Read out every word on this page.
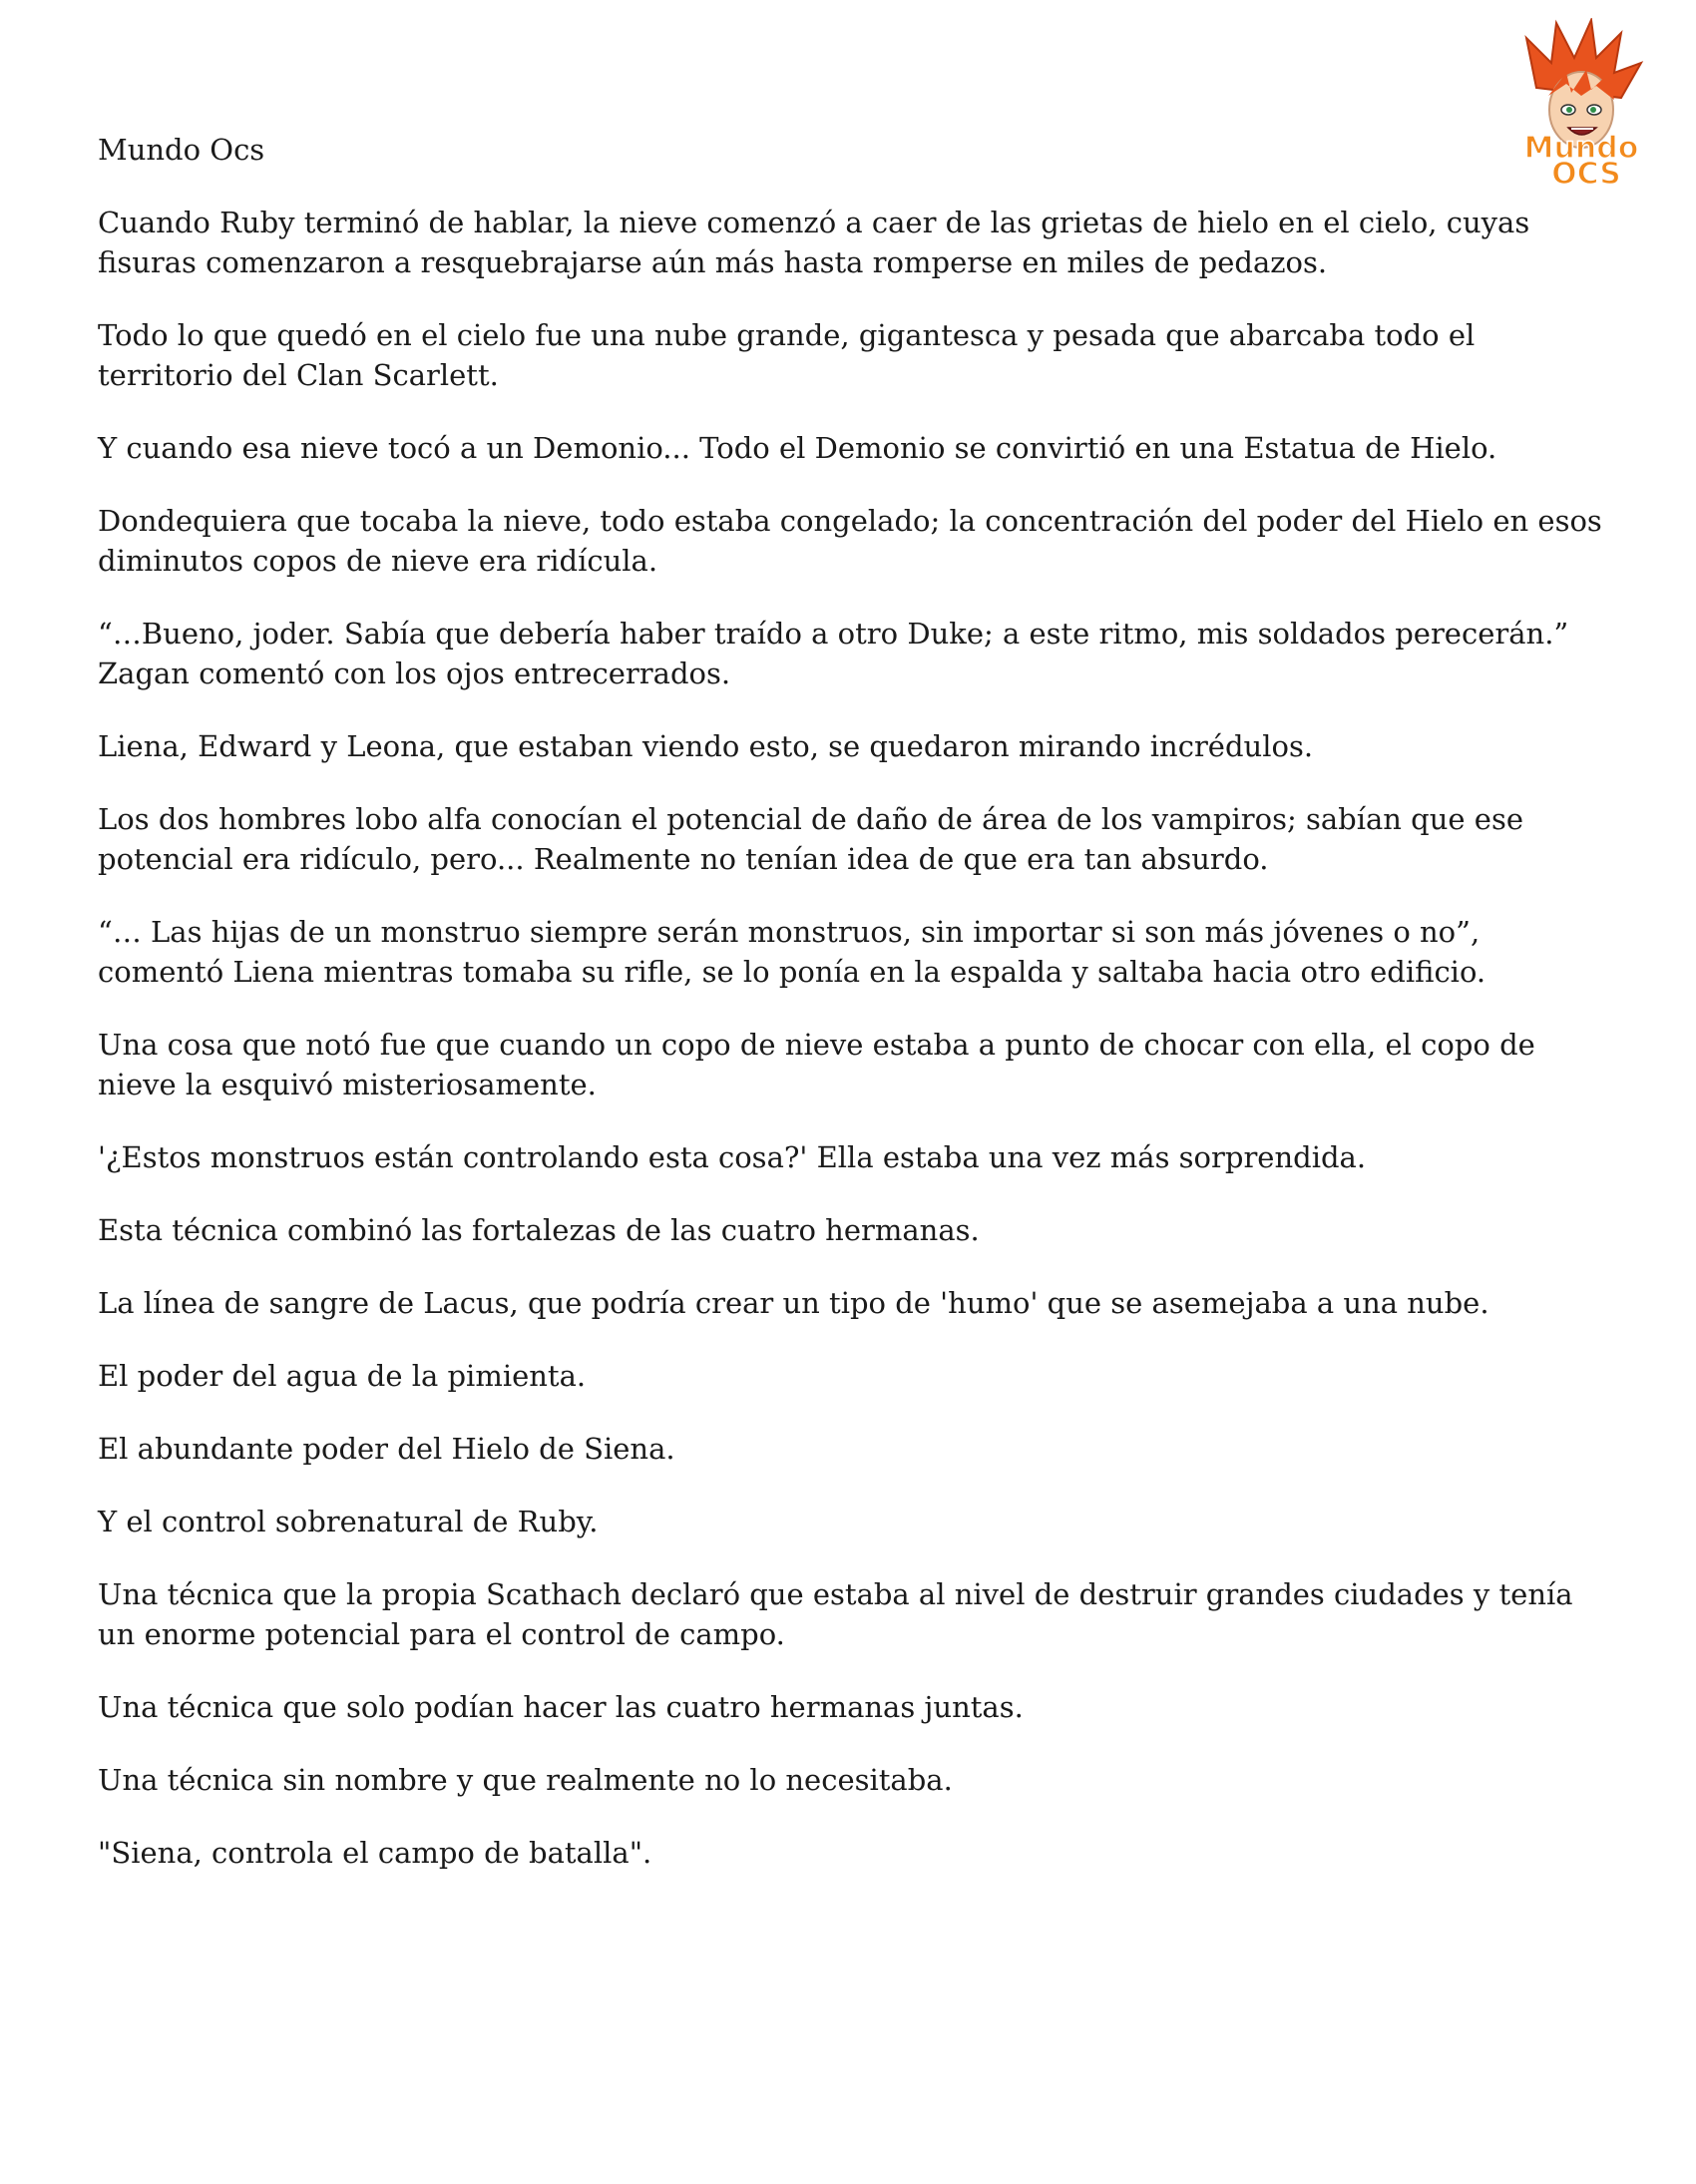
Mundo
OCS

Mundo Ocs

Cuando Ruby terminó de hablar, la nieve comenzó a caer de las grietas de hielo en el cielo, cuyas fisuras comenzaron a resquebrajarse aún más hasta romperse en miles de pedazos.

Todo lo que quedó en el cielo fue una nube grande, gigantesca y pesada que abarcaba todo el territorio del Clan Scarlett.

Y cuando esa nieve tocó a un Demonio... Todo el Demonio se convirtió en una Estatua de Hielo.

Dondequiera que tocaba la nieve, todo estaba congelado; la concentración del poder del Hielo en esos diminutos copos de nieve era ridícula.

“…Bueno, joder. Sabía que debería haber traído a otro Duke; a este ritmo, mis soldados perecerán.” Zagan comentó con los ojos entrecerrados.

Liena, Edward y Leona, que estaban viendo esto, se quedaron mirando incrédulos.

Los dos hombres lobo alfa conocían el potencial de daño de área de los vampiros; sabían que ese potencial era ridículo, pero... Realmente no tenían idea de que era tan absurdo.

“… Las hijas de un monstruo siempre serán monstruos, sin importar si son más jóvenes o no”, comentó Liena mientras tomaba su rifle, se lo ponía en la espalda y saltaba hacia otro edificio.

Una cosa que notó fue que cuando un copo de nieve estaba a punto de chocar con ella, el copo de nieve la esquivó misteriosamente.

'¿Estos monstruos están controlando esta cosa?' Ella estaba una vez más sorprendida.

Esta técnica combinó las fortalezas de las cuatro hermanas.

La línea de sangre de Lacus, que podría crear un tipo de 'humo' que se asemejaba a una nube.

El poder del agua de la pimienta.

El abundante poder del Hielo de Siena.

Y el control sobrenatural de Ruby.

Una técnica que la propia Scathach declaró que estaba al nivel de destruir grandes ciudades y tenía un enorme potencial para el control de campo.

Una técnica que solo podían hacer las cuatro hermanas juntas.

Una técnica sin nombre y que realmente no lo necesitaba.

"Siena, controla el campo de batalla".
